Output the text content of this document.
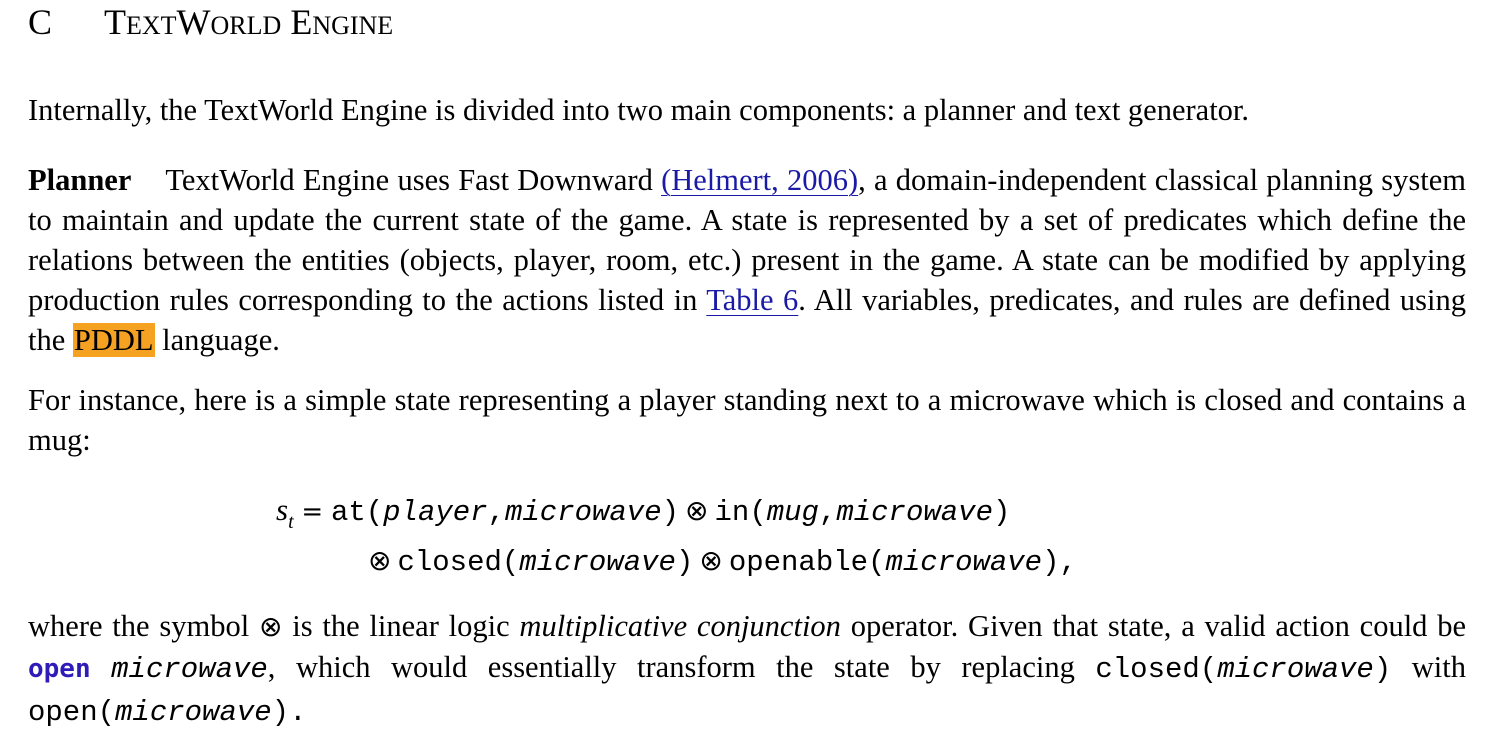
C TEXTWORLD ENGINE
Internally, the TextWorld Engine is divided into two main components: a planner and text generator.
Planner TextWorld Engine uses Fast Downward (Helmert, 2006), a domain-independent classical planning system to maintain and update the current state of the game. A state is represented by a set of predicates which define the relations between the entities (objects, player, room, etc.) present in the game. A state can be modified by applying production rules corresponding to the actions listed in Table 6. All variables, predicates, and rules are defined using the PDDL language.
For instance, here is a simple state representing a player standing next to a microwave which is closed and contains a mug:
$s_t$ = at(player,microwave) ⊗ in(mug,microwave)
⊗ closed(microwave) ⊗ openable(microwave),
where the symbol ⊗ is the linear logic multiplicative conjunction operator. Given that state, a valid action could be open microwave, which would essentially transform the state by replacing closed(microwave) with open(microwave).
